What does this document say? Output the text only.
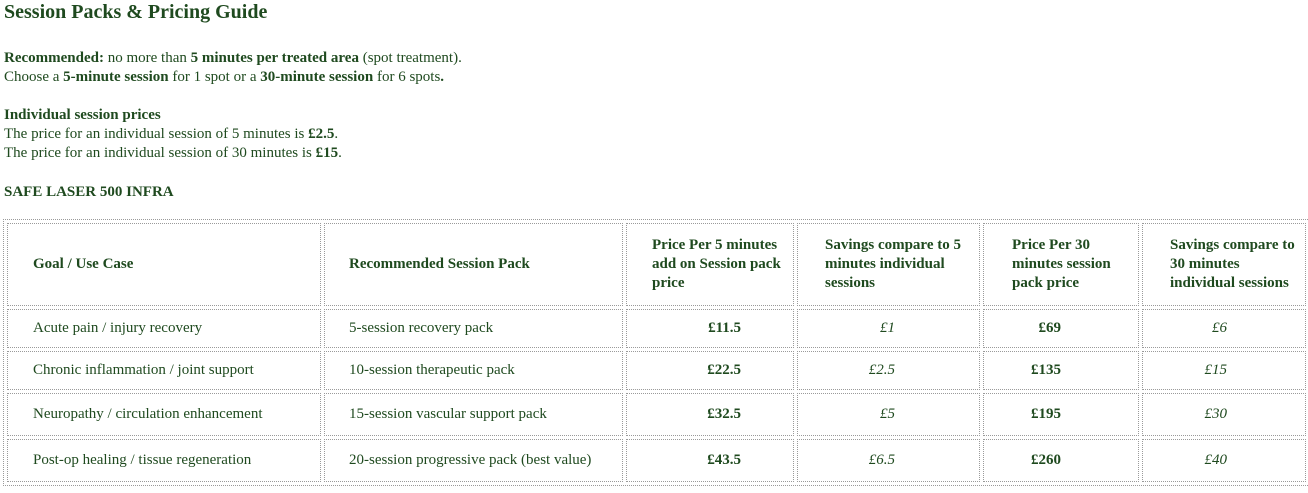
Session Packs & Pricing Guide
Recommended: no more than 5 minutes per treated area (spot treatment).
Choose a 5-minute session for 1 spot or a 30-minute session for 6 spots.
Individual session prices
The price for an individual session of 5 minutes is £2.5.
The price for an individual session of 30 minutes is £15.
SAFE LASER 500 INFRA
Goal / Use Case	Recommended Session Pack	Price Per 5 minutes add on Session pack price	Savings compare to 5 minutes individual sessions	Price Per 30 minutes session pack price	Savings compare to 30 minutes individual sessions
Acute pain / injury recovery	5-session recovery pack	£11.5	£1	£69	£6
Chronic inflammation / joint support	10-session therapeutic pack	£22.5	£2.5	£135	£15
Neuropathy / circulation enhancement	15-session vascular support pack	£32.5	£5	£195	£30
Post-op healing / tissue regeneration	20-session progressive pack (best value)	£43.5	£6.5	£260	£40
